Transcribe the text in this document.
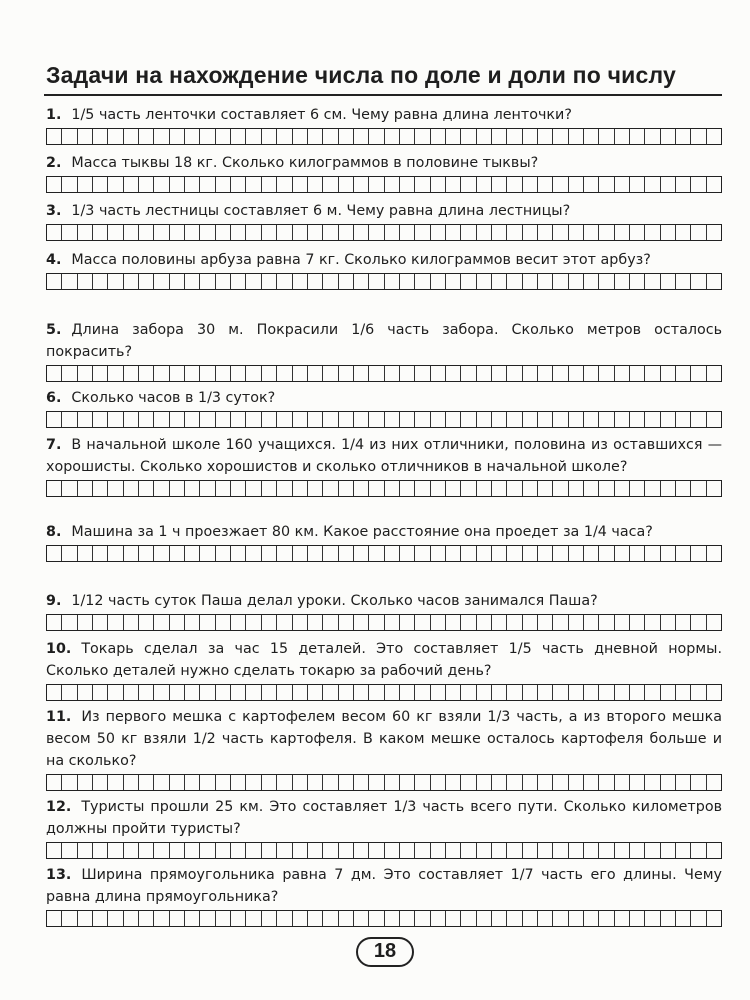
Задачи на нахождение числа по доле и доли по числу
1. 1/5 часть ленточки составляет 6 см. Чему равна длина ленточки?
2. Масса тыквы 18 кг. Сколько килограммов в половине тыквы?
3. 1/3 часть лестницы составляет 6 м. Чему равна длина лестницы?
4. Масса половины арбуза равна 7 кг. Сколько килограммов весит этот арбуз?
5. Длина забора 30 м. Покрасили 1/6 часть забора. Сколько метров осталось покрасить?
6. Сколько часов в 1/3 суток?
7. В начальной школе 160 учащихся. 1/4 из них отличники, половина из оставшихся — хорошисты. Сколько хорошистов и сколько отличников в начальной школе?
8. Машина за 1 ч проезжает 80 км. Какое расстояние она проедет за 1/4 часа?
9. 1/12 часть суток Паша делал уроки. Сколько часов занимался Паша?
10. Токарь сделал за час 15 деталей. Это составляет 1/5 часть дневной нормы. Сколько деталей нужно сделать токарю за рабочий день?
11. Из первого мешка с картофелем весом 60 кг взяли 1/3 часть, а из второго мешка весом 50 кг взяли 1/2 часть картофеля. В каком мешке осталось картофеля больше и на сколько?
12. Туристы прошли 25 км. Это составляет 1/3 часть всего пути. Сколько километров должны пройти туристы?
13. Ширина прямоугольника равна 7 дм. Это составляет 1/7 часть его длины. Чему равна длина прямоугольника?
18
